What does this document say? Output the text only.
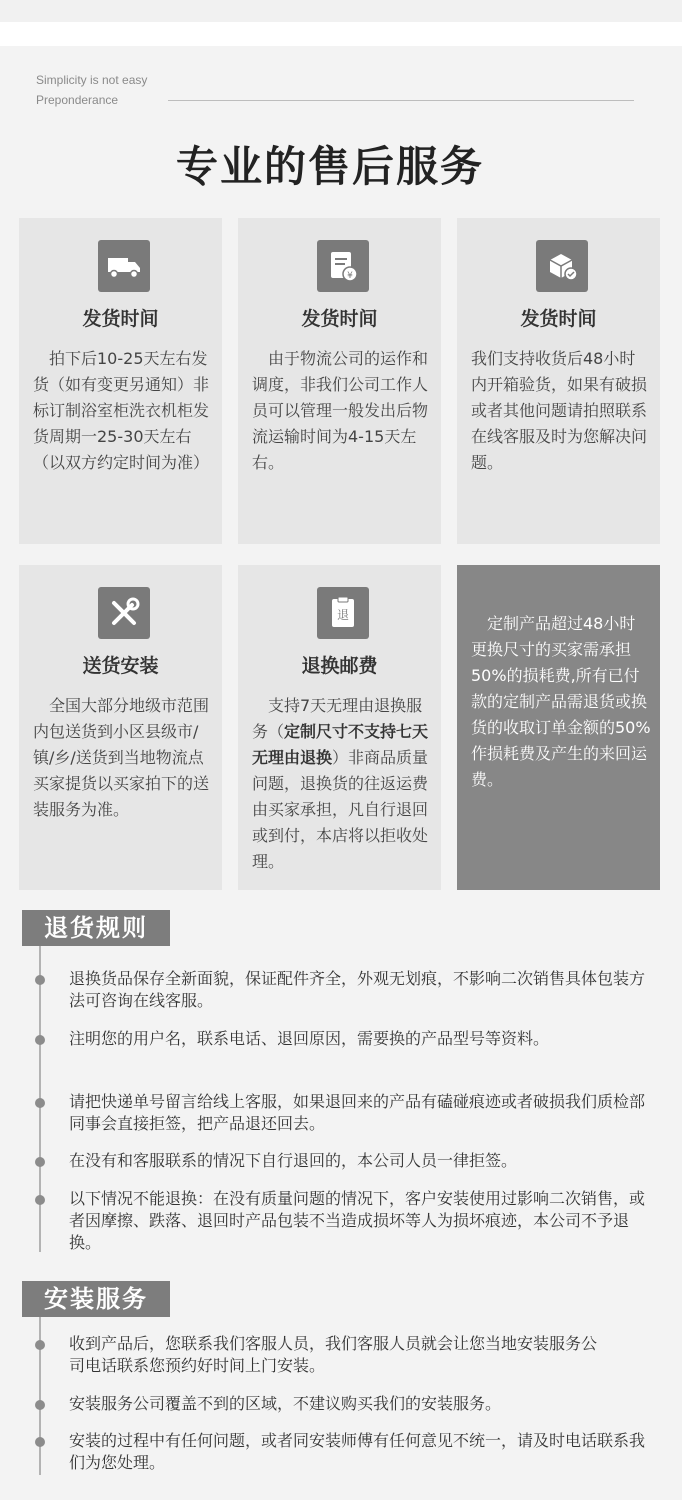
Simplicity is not easy
Preponderance
专业的售后服务
发货时间
　拍下后10-25天左右发货（如有变更另通知）非标订制浴室柜洗衣机柜发货周期一25-30天左右（以双方约定时间为准）
¥
发货时间
　由于物流公司的运作和调度，非我们公司工作人员可以管理一般发出后物流运输时间为4-15天左右。
发货时间
我们支持收货后48小时内开箱验货，如果有破损或者其他问题请拍照联系在线客服及时为您解决问题。
送货安装
　全国大部分地级市范围内包送货到小区县级市/镇/乡/送货到当地物流点买家提货以买家拍下的送装服务为准。
退
退换邮费
　支持7天无理由退换服务（定制尺寸不支持七天无理由退换）非商品质量问题，退换货的往返运费由买家承担，凡自行退回或到付，本店将以拒收处理。
　定制产品超过48小时更换尺寸的买家需承担50%的损耗费,所有已付款的定制产品需退货或换货的收取订单金额的50%作损耗费及产生的来回运费。
退货规则
退换货品保存全新面貌，保证配件齐全，外观无划痕，不影响二次销售具体包装方法可咨询在线客服。
注明您的用户名，联系电话、退回原因，需要换的产品型号等资料。
请把快递单号留言给线上客服，如果退回来的产品有磕碰痕迹或者破损我们质检部同事会直接拒签，把产品退还回去。
在没有和客服联系的情况下自行退回的，本公司人员一律拒签。
以下情况不能退换：在没有质量问题的情况下，客户安装使用过影响二次销售，或者因摩擦、跌落、退回时产品包装不当造成损坏等人为损坏痕迹，本公司不予退换。
安装服务
收到产品后，您联系我们客服人员，我们客服人员就会让您当地安装服务公司电话联系您预约好时间上门安装。
安装服务公司覆盖不到的区域，不建议购买我们的安装服务。
安装的过程中有任何问题，或者同安装师傅有任何意见不统一，请及时电话联系我们为您处理。
